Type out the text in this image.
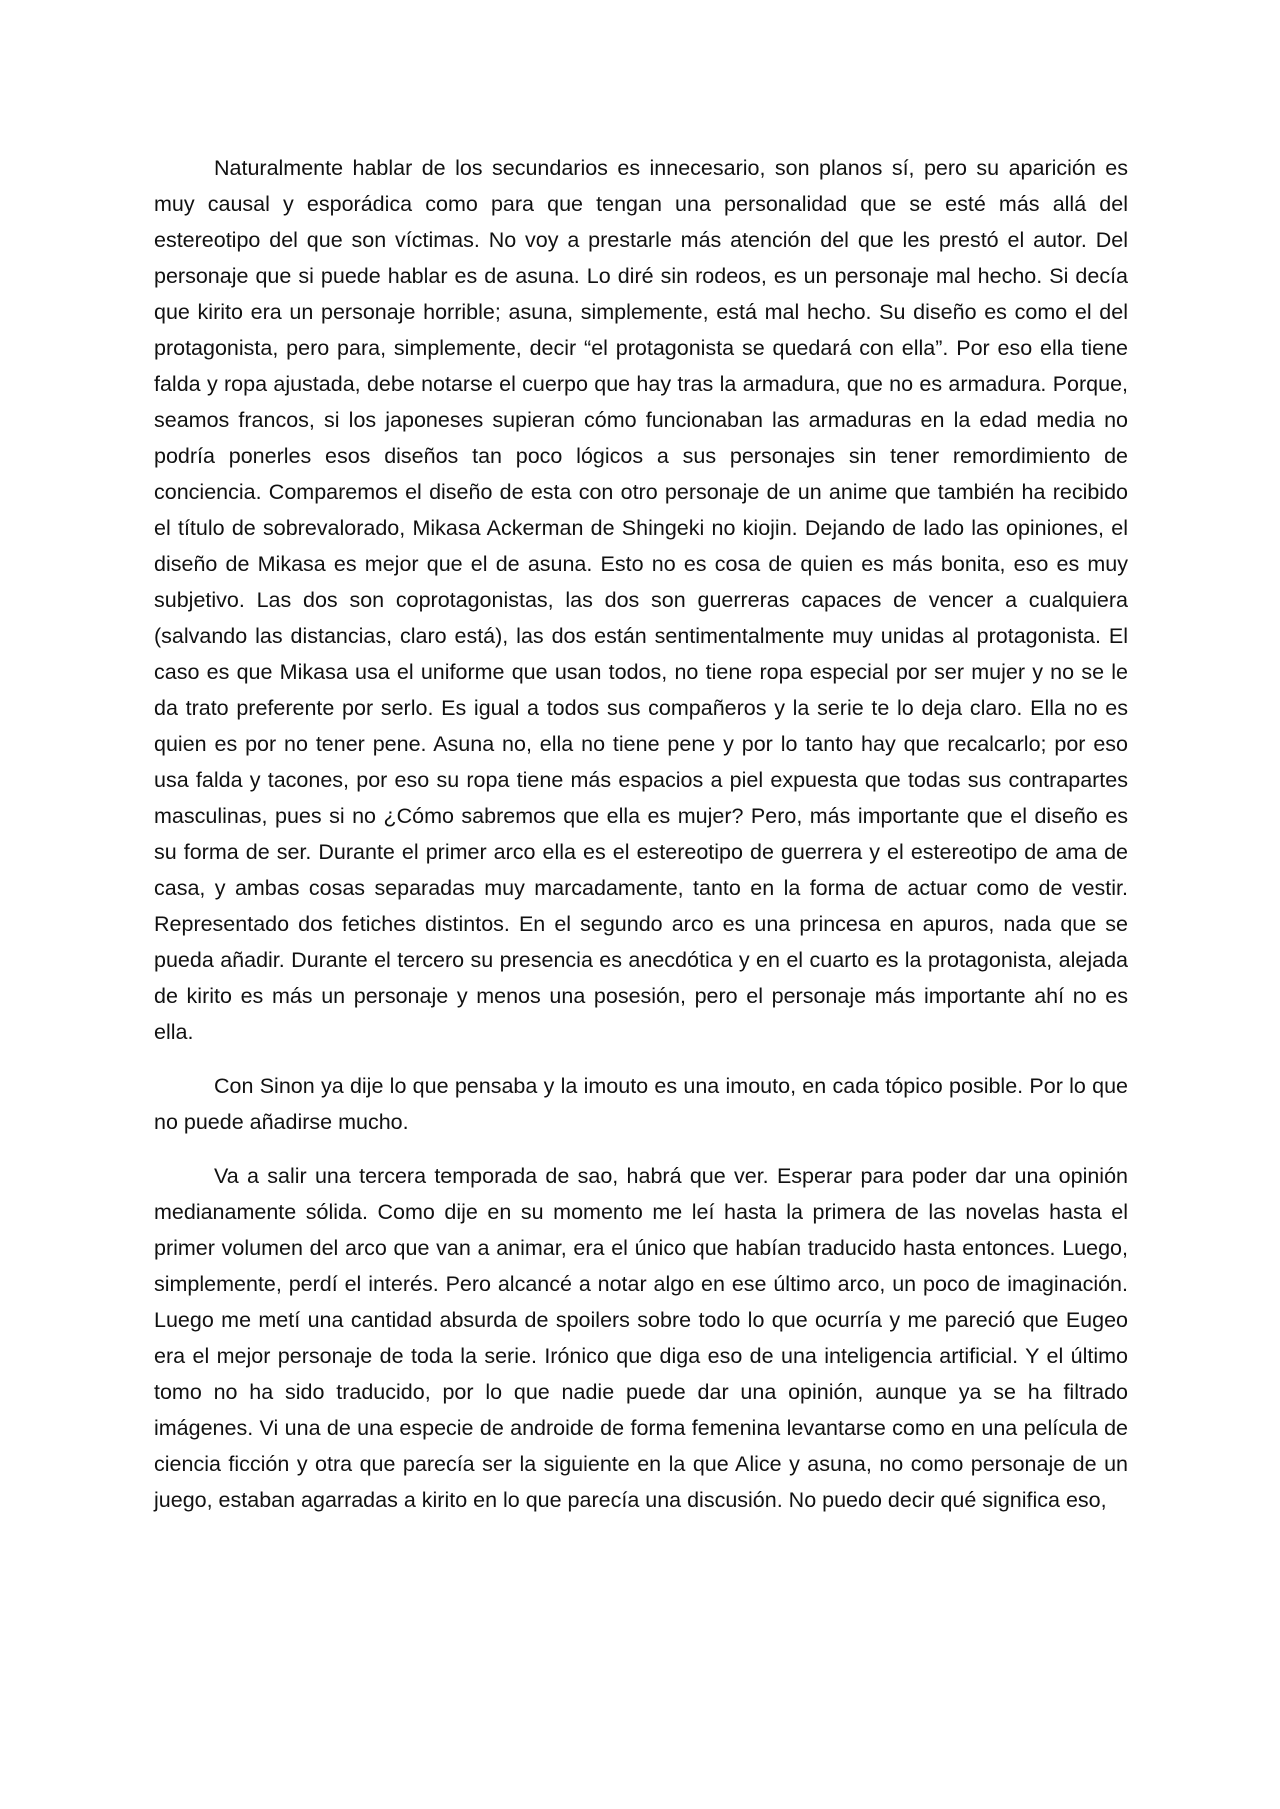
Naturalmente hablar de los secundarios es innecesario, son planos sí, pero su aparición es muy causal y esporádica como para que tengan una personalidad que se esté más allá del estereotipo del que son víctimas. No voy a prestarle más atención del que les prestó el autor. Del personaje que si puede hablar es de asuna. Lo diré sin rodeos, es un personaje mal hecho. Si decía que kirito era un personaje horrible; asuna, simplemente, está mal hecho. Su diseño es como el del protagonista, pero para, simplemente, decir “el protagonista se quedará con ella”. Por eso ella tiene falda y ropa ajustada, debe notarse el cuerpo que hay tras la armadura, que no es armadura. Porque, seamos francos, si los japoneses supieran cómo funcionaban las armaduras en la edad media no podría ponerles esos diseños tan poco lógicos a sus personajes sin tener remordimiento de conciencia. Comparemos el diseño de esta con otro personaje de un anime que también ha recibido el título de sobrevalorado, Mikasa Ackerman de Shingeki no kiojin. Dejando de lado las opiniones, el diseño de Mikasa es mejor que el de asuna. Esto no es cosa de quien es más bonita, eso es muy subjetivo. Las dos son coprotagonistas, las dos son guerreras capaces de vencer a cualquiera (salvando las distancias, claro está), las dos están sentimentalmente muy unidas al protagonista. El caso es que Mikasa usa el uniforme que usan todos, no tiene ropa especial por ser mujer y no se le da trato preferente por serlo. Es igual a todos sus compañeros y la serie te lo deja claro. Ella no es quien es por no tener pene. Asuna no, ella no tiene pene y por lo tanto hay que recalcarlo; por eso usa falda y tacones, por eso su ropa tiene más espacios a piel expuesta que todas sus contrapartes masculinas, pues si no ¿Cómo sabremos que ella es mujer? Pero, más importante que el diseño es su forma de ser. Durante el primer arco ella es el estereotipo de guerrera y el estereotipo de ama de casa, y ambas cosas separadas muy marcadamente, tanto en la forma de actuar como de vestir. Representado dos fetiches distintos. En el segundo arco es una princesa en apuros, nada que se pueda añadir. Durante el tercero su presencia es anecdótica y en el cuarto es la protagonista, alejada de kirito es más un personaje y menos una posesión, pero el personaje más importante ahí no es ella.

Con Sinon ya dije lo que pensaba y la imouto es una imouto, en cada tópico posible. Por lo que no puede añadirse mucho.

Va a salir una tercera temporada de sao, habrá que ver. Esperar para poder dar una opinión medianamente sólida. Como dije en su momento me leí hasta la primera de las novelas hasta el primer volumen del arco que van a animar, era el único que habían traducido hasta entonces. Luego, simplemente, perdí el interés. Pero alcancé a notar algo en ese último arco, un poco de imaginación. Luego me metí una cantidad absurda de spoilers sobre todo lo que ocurría y me pareció que Eugeo era el mejor personaje de toda la serie. Irónico que diga eso de una inteligencia artificial. Y el último tomo no ha sido traducido, por lo que nadie puede dar una opinión, aunque ya se ha filtrado imágenes. Vi una de una especie de androide de forma femenina levantarse como en una película de ciencia ficción y otra que parecía ser la siguiente en la que Alice y asuna, no como personaje de un juego, estaban agarradas a kirito en lo que parecía una discusión. No puedo decir qué significa eso,
